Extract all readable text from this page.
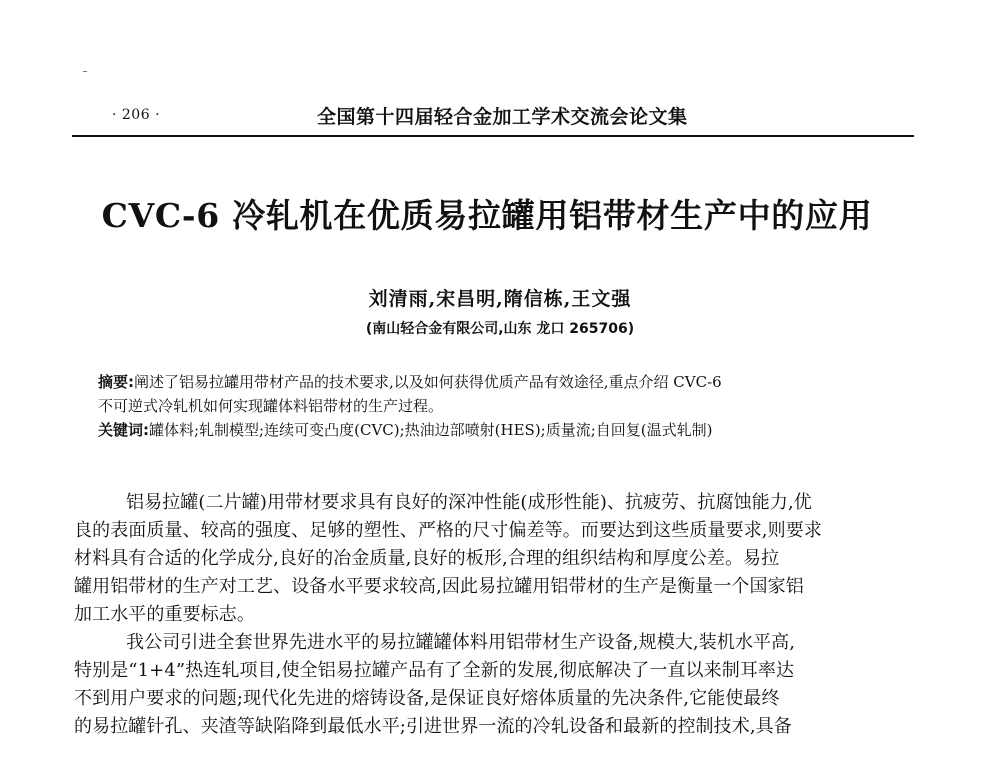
· 206 ·	全国第十四届轻合金加工学术交流会论文集
CVC-6 冷轧机在优质易拉罐用铝带材生产中的应用
刘清雨,宋昌明,隋信栋,王文强
(南山轻合金有限公司,山东 龙口 265706)
摘要:阐述了铝易拉罐用带材产品的技术要求,以及如何获得优质产品有效途径,重点介绍 CVC-6
不可逆式冷轧机如何实现罐体料铝带材的生产过程。
关键词:罐体料;轧制模型;连续可变凸度(CVC);热油边部喷射(HES);质量流;自回复(温式轧制)
铝易拉罐(二片罐)用带材要求具有良好的深冲性能(成形性能)、抗疲劳、抗腐蚀能力,优
良的表面质量、较高的强度、足够的塑性、严格的尺寸偏差等。而要达到这些质量要求,则要求
材料具有合适的化学成分,良好的冶金质量,良好的板形,合理的组织结构和厚度公差。易拉
罐用铝带材的生产对工艺、设备水平要求较高,因此易拉罐用铝带材的生产是衡量一个国家铝
加工水平的重要标志。
我公司引进全套世界先进水平的易拉罐罐体料用铝带材生产设备,规模大,装机水平高,
特别是“1+4”热连轧项目,使全铝易拉罐产品有了全新的发展,彻底解决了一直以来制耳率达
不到用户要求的问题;现代化先进的熔铸设备,是保证良好熔体质量的先决条件,它能使最终
的易拉罐针孔、夹渣等缺陷降到最低水平;引进世界一流的冷轧设备和最新的控制技术,具备
